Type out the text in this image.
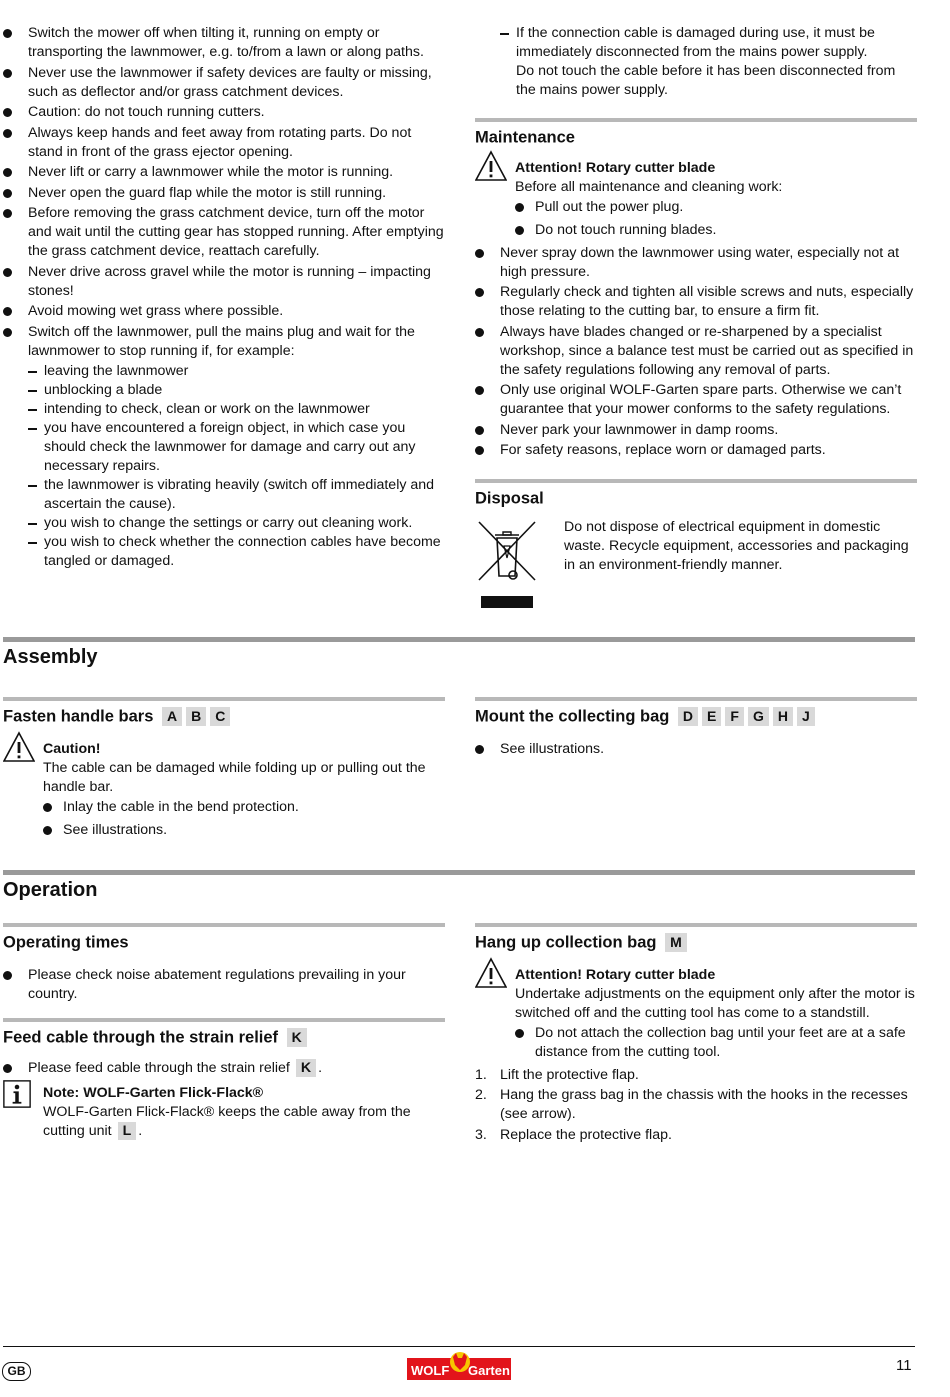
Switch the mower off when tilting it, running on empty or transporting the lawnmower, e.g. to/from a lawn or along paths.
Never use the lawnmower if safety devices are faulty or missing, such as deflector and/or grass catchment devices.
Caution: do not touch running cutters.
Always keep hands and feet away from rotating parts. Do not stand in front of the grass ejector opening.
Never lift or carry a lawnmower while the motor is running.
Never open the guard flap while the motor is still running.
Before removing the grass catchment device, turn off the motor and wait until the cutting gear has stopped running. After emptying the grass catchment device, reattach carefully.
Never drive across gravel while the motor is running – impacting stones!
Avoid mowing wet grass where possible.
Switch off the lawnmower, pull the mains plug and wait for the lawnmower to stop running if, for example:
leaving the lawnmower
unblocking a blade
intending to check, clean or work on the lawnmower
you have encountered a foreign object, in which case you should check the lawnmower for damage and carry out any necessary repairs.
the lawnmower is vibrating heavily (switch off immediately and ascertain the cause).
you wish to change the settings or carry out cleaning work.
you wish to check whether the connection cables have become tangled or damaged.
If the connection cable is damaged during use, it must be immediately disconnected from the mains power supply.
Do not touch the cable before it has been disconnected from the mains power supply.
Maintenance
Attention! Rotary cutter blade
Before all maintenance and cleaning work:
Pull out the power plug.
Do not touch running blades.
Never spray down the lawnmower using water, especially not at high pressure.
Regularly check and tighten all visible screws and nuts, especially those relating to the cutting bar, to ensure a firm fit.
Always have blades changed or re-sharpened by a specialist workshop, since a balance test must be carried out as specified in the safety regulations following any removal of parts.
Only use original WOLF-Garten spare parts. Otherwise we can’t guarantee that your mower conforms to the safety regulations.
Never park your lawnmower in damp rooms.
For safety reasons, replace worn or damaged parts.
Disposal
Do not dispose of electrical equipment in domestic waste. Recycle equipment, accessories and packaging in an environment-friendly manner.
Assembly
Fasten handle bars A B C
Caution!
The cable can be damaged while folding up or pulling out the handle bar.
Inlay the cable in the bend protection.
See illustrations.
Mount the collecting bag D E F G H J
See illustrations.
Operation
Operating times
Please check noise abatement regulations prevailing in your country.
Feed cable through the strain relief K
Please feed cable through the strain relief K .
Note: WOLF-Garten Flick-Flack®
WOLF-Garten Flick-Flack® keeps the cable away from the cutting unit L .
Hang up collection bag M
Attention! Rotary cutter blade
Undertake adjustments on the equipment only after the motor is switched off and the cutting tool has come to a standstill.
Do not attach the collection bag until your feet are at a safe distance from the cutting tool.
1. Lift the protective flap.
2. Hang the grass bag in the chassis with the hooks in the recesses (see arrow).
3. Replace the protective flap.
GB	WOLF Garten	11
